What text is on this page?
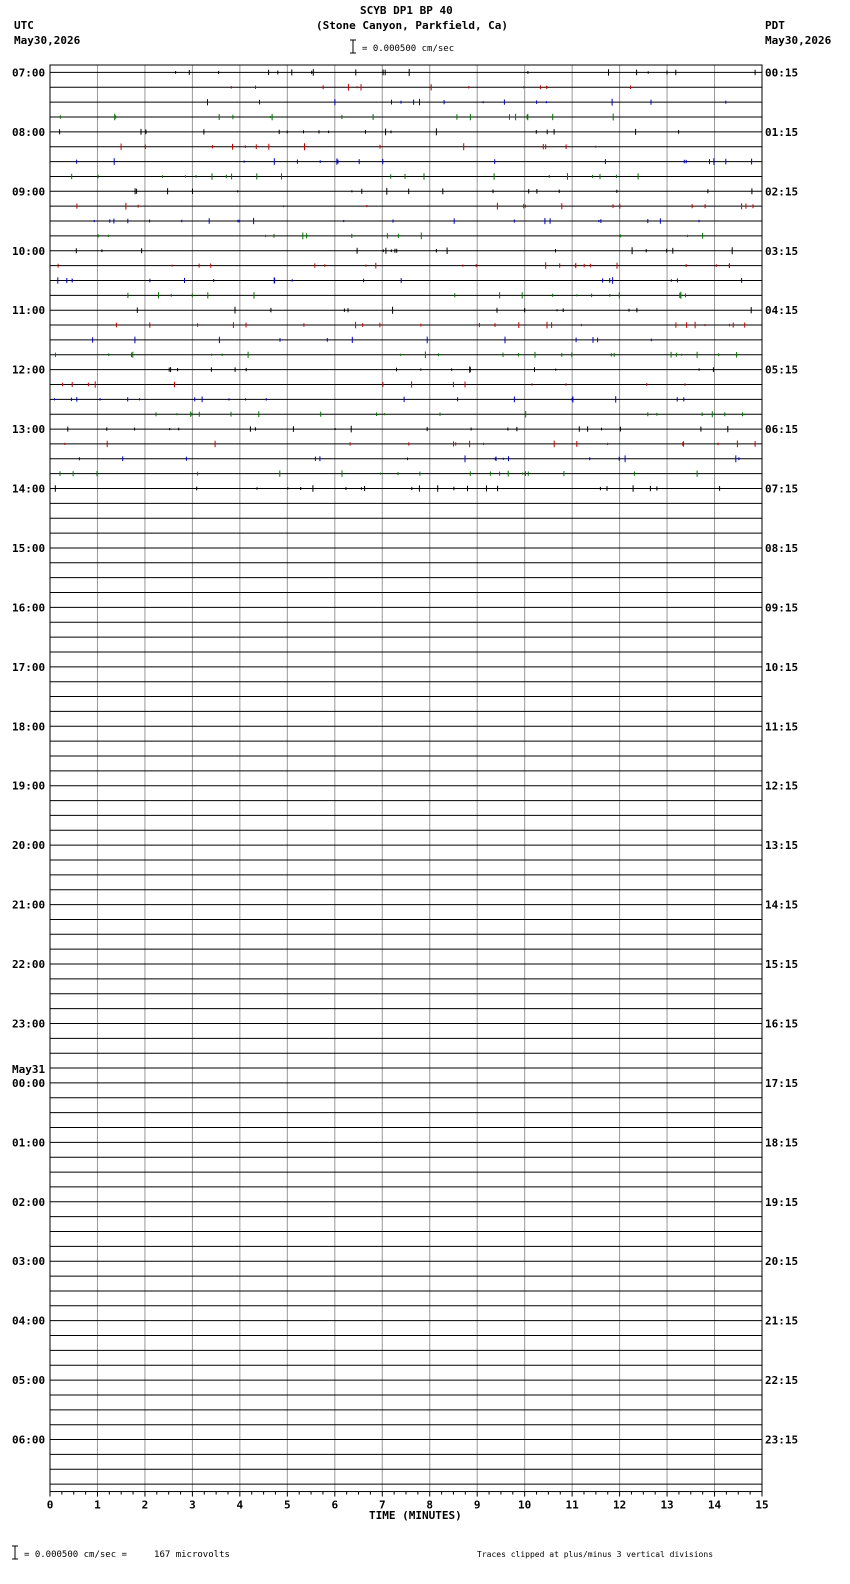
SCYB DP1 BP 40
(Stone Canyon, Parkfield, Ca)
UTC
May30,2026
PDT
May30,2026
= 0.000500 cm/sec
= 0.000500 cm/sec =     167 microvolts	Traces clipped at plus/minus 3 vertical divisions
TIME (MINUTES)
07:00	00:15
08:00	01:15
09:00	02:15
10:00	03:15
11:00	04:15
12:00	05:15
13:00	06:15
14:00	07:15
15:00	08:15
16:00	09:15
17:00	10:15
18:00	11:15
19:00	12:15
20:00	13:15
21:00	14:15
22:00	15:15
23:00	16:15
00:00	17:15
May31
01:00	18:15
02:00	19:15
03:00	20:15
04:00	21:15
05:00	22:15
06:00	23:15
0	1	2	3	4	5	6	7	8	9	10	11	12	13	14	15
